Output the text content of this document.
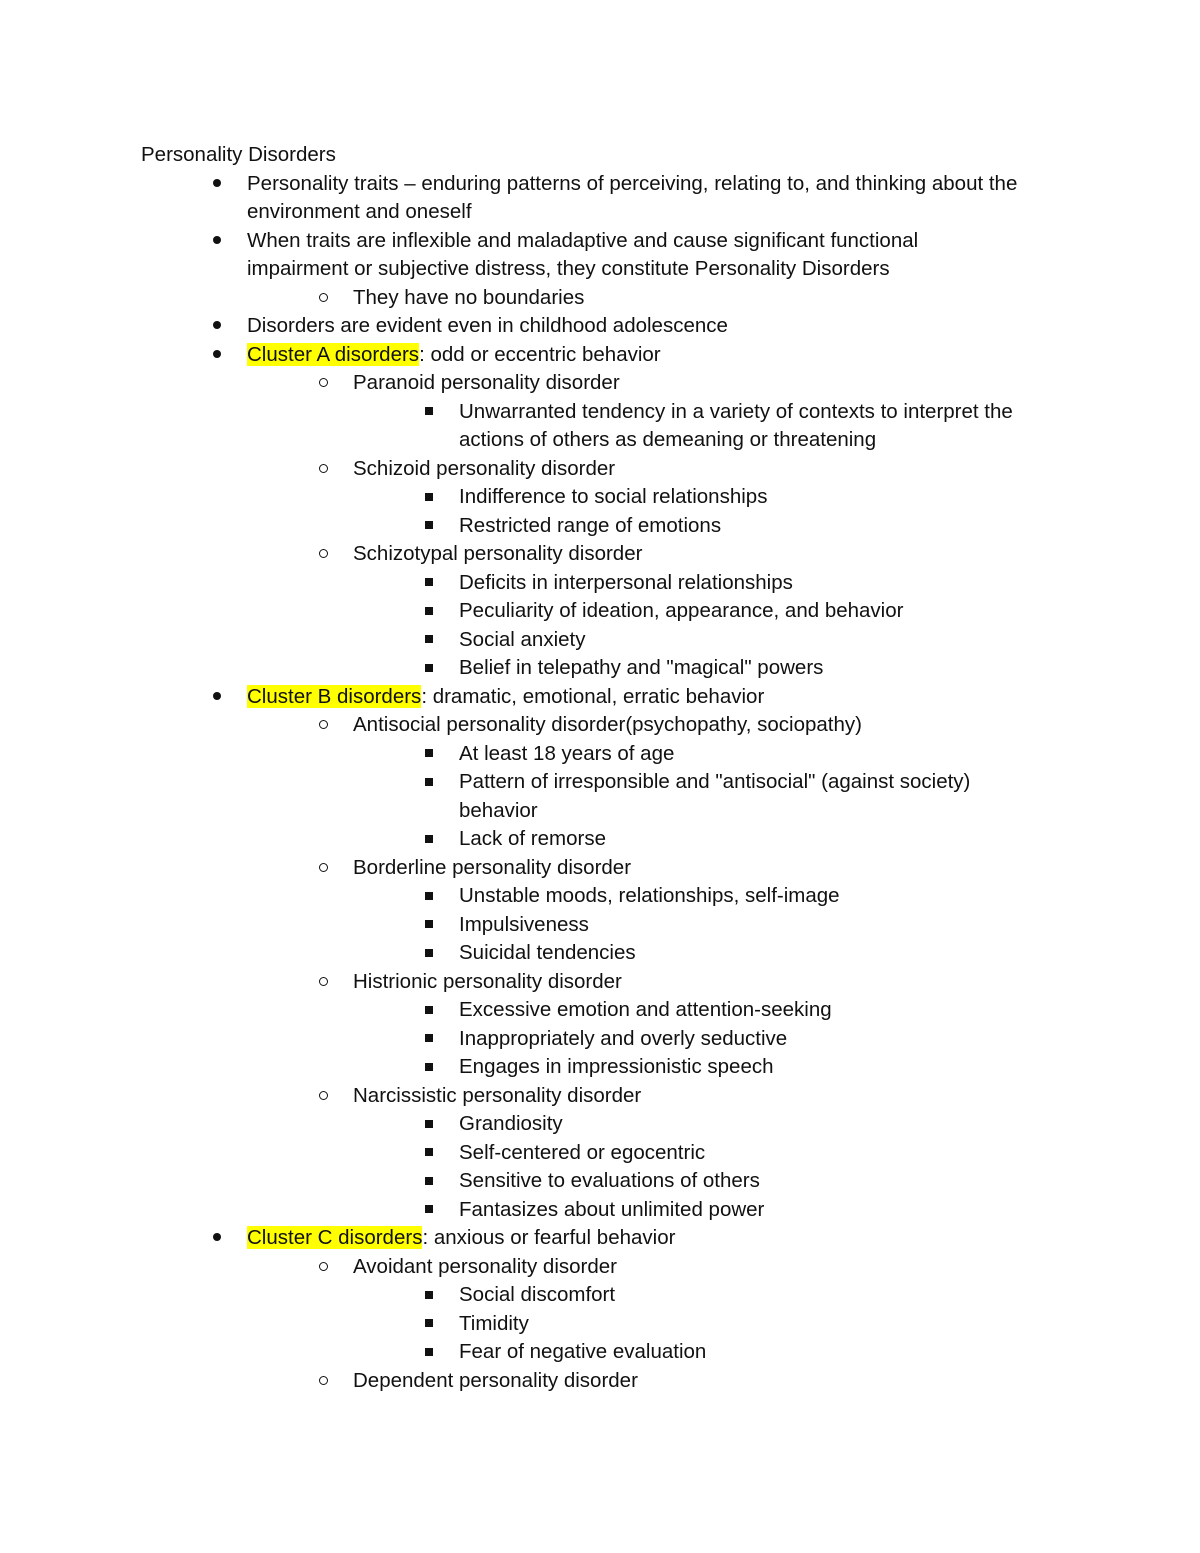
Personality Disorders
Personality traits – enduring patterns of perceiving, relating to, and thinking about the
environment and oneself
When traits are inflexible and maladaptive and cause significant functional
impairment or subjective distress, they constitute Personality Disorders
They have no boundaries
Disorders are evident even in childhood adolescence
Cluster A disorders: odd or eccentric behavior
Paranoid personality disorder
Unwarranted tendency in a variety of contexts to interpret the
actions of others as demeaning or threatening
Schizoid personality disorder
Indifference to social relationships
Restricted range of emotions
Schizotypal personality disorder
Deficits in interpersonal relationships
Peculiarity of ideation, appearance, and behavior
Social anxiety
Belief in telepathy and "magical" powers
Cluster B disorders: dramatic, emotional, erratic behavior
Antisocial personality disorder(psychopathy, sociopathy)
At least 18 years of age
Pattern of irresponsible and "antisocial" (against society)
behavior
Lack of remorse
Borderline personality disorder
Unstable moods, relationships, self-image
Impulsiveness
Suicidal tendencies
Histrionic personality disorder
Excessive emotion and attention-seeking
Inappropriately and overly seductive
Engages in impressionistic speech
Narcissistic personality disorder
Grandiosity
Self-centered or egocentric
Sensitive to evaluations of others
Fantasizes about unlimited power
Cluster C disorders: anxious or fearful behavior
Avoidant personality disorder
Social discomfort
Timidity
Fear of negative evaluation
Dependent personality disorder
